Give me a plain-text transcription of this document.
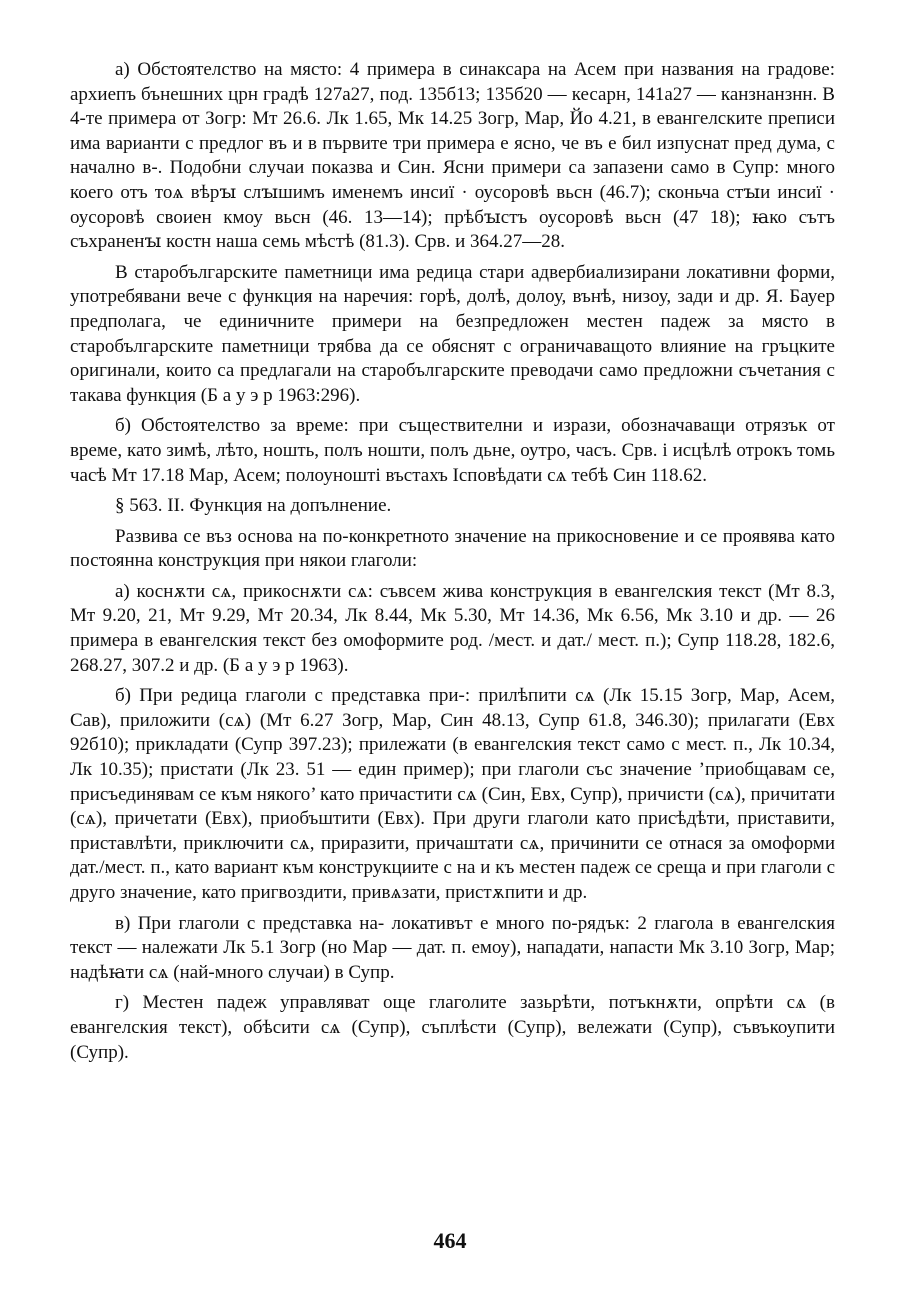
а) Обстоятелство на място: 4 примера в синаксара на Асем при названия на градове: архиепъ бънешних црн градѣ 127а27, под. 135б13; 135б20 — кесарн, 141а27 — канзнанзнн. В 4-те примера от Зогр: Мт 26.6. Лк 1.65, Мк 14.25 Зогр, Мар, Йо 4.21, в евангелските преписи има варианти с предлог въ и в първите три примера е ясно, че въ е бил изпуснат пред дума, с начално в-. Подобни случаи показва и Син. Ясни примери са запазени само в Супр: много коего отъ тоѧ вѣрꙑ слꙑшимъ именемъ инсиї · оусоровѣ вьсн (46.7); сконьча стꙑи инсиї · оусоровѣ своиен кмоу вьсн (46. 13—14); прѣбꙑстъ оусоровѣ вьсн (47 18); ꙗко сътъ съхраненꙑ костн наша семь мѣстѣ (81.3). Срв. и 364.27—28.

В старобългарските паметници има редица стари адвербиализирани локативни форми, употребявани вече с функция на наречия: горѣ, долѣ, долоу, вънѣ, низоу, зади и др. Я. Бауер предполага, че единичните примери на безпредложен местен падеж за място в старобългарските паметници трябва да се обяснят с ограничаващото влияние на гръцките оригинали, които са предлагали на старобългарските преводачи само предложни съчетания с такава функция (Б а у э р 1963:296).

б) Обстоятелство за време: при съществителни и изрази, обозначаващи отрязък от време, като зимѣ, лѣто, ношть, полъ ношти, полъ дьне, оутро, часъ. Срв. і исцѣлѣ отрокъ томь часѣ Мт 17.18 Мар, Асем; полоуношті въстахъ Ісповѣдати сѧ тебѣ Син 118.62.

§ 563. II. Функция на допълнение.

Развива се въз основа на по-конкретното значение на прикосновение и се проявява като постоянна конструкция при някои глаголи:

а) коснѫти сѧ, прикоснѫти сѧ: съвсем жива конструкция в евангелския текст (Мт 8.3, Мт 9.20, 21, Мт 9.29, Мт 20.34, Лк 8.44, Мк 5.30, Мт 14.36, Мк 6.56, Мк 3.10 и др. — 26 примера в евангелския текст без омоформите род. /мест. и дат./ мест. п.); Супр 118.28, 182.6, 268.27, 307.2 и др. (Б а у э р 1963).

б) При редица глаголи с представка при-: прилѣпити сѧ (Лк 15.15 Зогр, Мар, Асем, Сав), приложити (сѧ) (Мт 6.27 Зогр, Мар, Син 48.13, Супр 61.8, 346.30); прилагати (Евх 92б10); прикладати (Супр 397.23); прилежати (в евангелския текст само с мест. п., Лк 10.34, Лк 10.35); пристати (Лк 23. 51 — един пример); при глаголи със значение ’приобщавам се, присъединявам се към някого’ като причастити сѧ (Син, Евх, Супр), причисти (сѧ), причитати (сѧ), причетати (Евх), приобъштити (Евх). При други глаголи като присѣдѣти, приставити, приставлѣти, приключити сѧ, приразити, причаштати сѧ, причинити се отнася за омоформи дат./мест. п., като вариант към конструкциите с на и къ местен падеж се среща и при глаголи с друго значение, като пригвоздити, привѧзати, пристѫпити и др.

в) При глаголи с представка на- локативът е много по-рядък: 2 глагола в евангелския текст — належати Лк 5.1 Зогр (но Мар — дат. п. емоу), нападати, напасти Мк 3.10 Зогр, Мар; надѣꙗти сѧ (най-много случаи) в Супр.

г) Местен падеж управляват още глаголите зазьрѣти, потъкнѫти, опрѣти сѧ (в евангелския текст), обѣсити сѧ (Супр), съплѣсти (Супр), вележати (Супр), съвъкоупити (Супр).

464
